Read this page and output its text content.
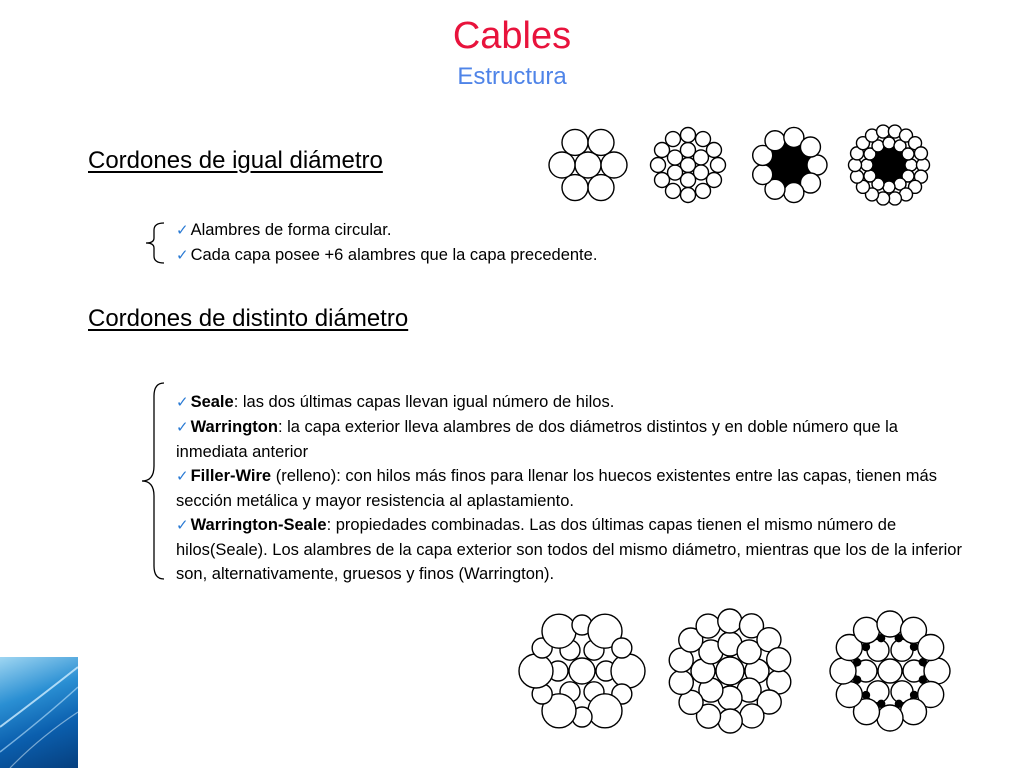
Cables
Estructura
Cordones de igual diámetro
✓ Alambres de forma circular.
✓ Cada capa posee +6 alambres que la capa precedente.
Cordones de distinto diámetro
✓ Seale: las dos últimas capas llevan igual número de hilos.
✓ Warrington: la capa exterior lleva alambres de dos diámetros distintos y en doble número que la inmediata anterior
✓ Filler-Wire (relleno): con hilos más finos para llenar los huecos existentes entre las capas, tienen más sección metálica y mayor resistencia al aplastamiento.
✓ Warrington-Seale: propiedades combinadas. Las dos últimas capas tienen el mismo número de hilos(Seale). Los alambres de la capa exterior son todos del mismo diámetro, mientras que los de la inferior son, alternativamente, gruesos y finos (Warrington).
